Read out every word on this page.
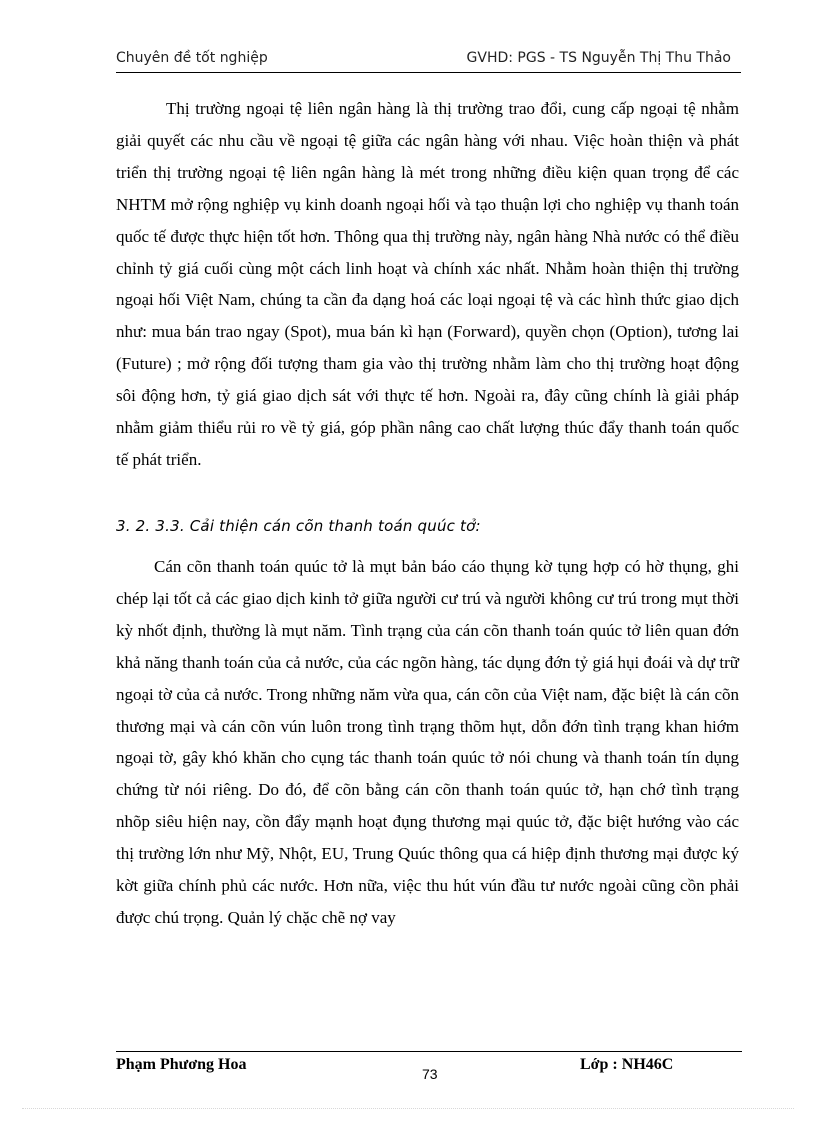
Chuyên đề tốt nghiệp	GVHD: PGS - TS Nguyễn Thị Thu Thảo

Thị trường ngoại tệ liên ngân hàng là thị trường trao đổi, cung cấp ngoại tệ nhằm giải quyết các nhu cầu về ngoại tệ giữa các ngân hàng với nhau. Việc hoàn thiện và phát triển thị trường ngoại tệ liên ngân hàng là mét trong những điều kiện quan trọng để các NHTM mở rộng nghiệp vụ kinh doanh ngoại hối và tạo thuận lợi cho nghiệp vụ thanh toán quốc tế được thực hiện tốt hơn. Thông qua thị trường này, ngân hàng Nhà nước có thể điều chỉnh tỷ giá cuối cùng một cách linh hoạt và chính xác nhất. Nhằm hoàn thiện thị trường ngoại hối Việt Nam, chúng ta cần đa dạng hoá các loại ngoại tệ và các hình thức giao dịch như: mua bán trao ngay (Spot), mua bán kì hạn (Forward), quyền chọn (Option), tương lai (Future) ; mở rộng đối tượng tham gia vào thị trường nhằm làm cho thị trường hoạt động sôi động hơn, tỷ giá giao dịch sát với thực tế hơn. Ngoài ra, đây cũng chính là giải pháp nhằm giảm thiểu rủi ro về tỷ giá, góp phần nâng cao chất lượng thúc đẩy thanh toán quốc tế phát triển.

3. 2. 3.3. Cải thiện cán cõn thanh toán quúc tở:

Cán cõn thanh toán quúc tở là mụt bản báo cáo thụng kờ tụng hợp có hờ thụng, ghi chép lại tốt cả các giao dịch kinh tở giữa người cư trú và người không cư trú trong mụt thời kỳ nhốt định, thường là mụt năm. Tình trạng của cán cõn thanh toán quúc tở liên quan đớn khả năng thanh toán của cả nước, của các ngõn hàng, tác dụng đớn tỷ giá hụi đoái và dự trữ ngoại tờ của cả nước. Trong những năm vừa qua, cán cõn của Việt nam, đặc biệt là cán cõn thương mại và cán cõn vún luôn trong tình trạng thõm hụt, dỗn đớn tình trạng khan hiớm ngoại tờ, gây khó khăn cho cụng tác thanh toán quúc tở nói chung và thanh toán tín dụng chứng từ nói riêng. Do đó, để cõn bằng cán cõn thanh toán quúc tở, hạn chớ tình trạng nhõp siêu hiện nay, cồn đẩy mạnh hoạt đụng thương mại quúc tở, đặc biệt hướng vào các thị trường lớn như Mỹ, Nhột, EU, Trung Quúc thông qua cá hiệp định thương mại được ký kờt giữa chính phủ các nước. Hơn nữa, việc thu hút vún đầu tư nước ngoài cũng cồn phải được chú trọng. Quản lý chặc chẽ nợ vay

Phạm Phương Hoa	Lớp : NH46C
73
